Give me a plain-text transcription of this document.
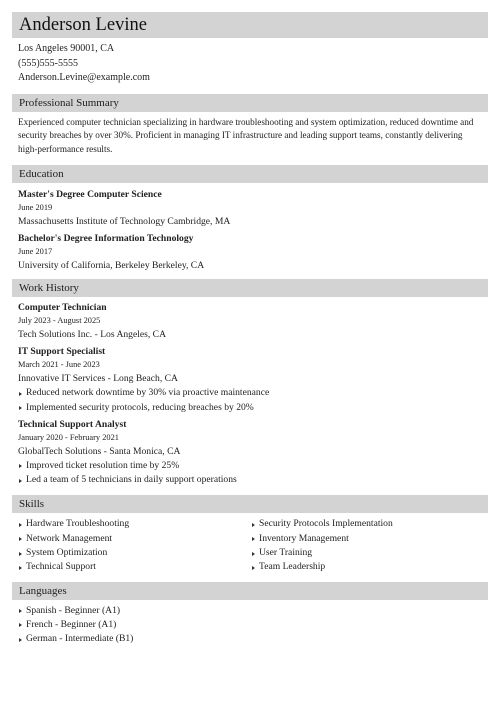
Anderson Levine
Los Angeles 90001, CA
(555)555-5555
Anderson.Levine@example.com
Professional Summary
Experienced computer technician specializing in hardware troubleshooting and system optimization, reduced downtime and security breaches by over 30%. Proficient in managing IT infrastructure and leading support teams, constantly delivering high-performance results.
Education
Master's Degree Computer Science
June 2019
Massachusetts Institute of Technology Cambridge, MA
Bachelor's Degree Information Technology
June 2017
University of California, Berkeley Berkeley, CA
Work History
Computer Technician
July 2023 - August 2025
Tech Solutions Inc. - Los Angeles, CA
IT Support Specialist
March 2021 - June 2023
Innovative IT Services - Long Beach, CA
Reduced network downtime by 30% via proactive maintenance
Implemented security protocols, reducing breaches by 20%
Technical Support Analyst
January 2020 - February 2021
GlobalTech Solutions - Santa Monica, CA
Improved ticket resolution time by 25%
Led a team of 5 technicians in daily support operations
Skills
Hardware Troubleshooting
Network Management
System Optimization
Technical Support
Security Protocols Implementation
Inventory Management
User Training
Team Leadership
Languages
Spanish - Beginner (A1)
French - Beginner (A1)
German - Intermediate (B1)
